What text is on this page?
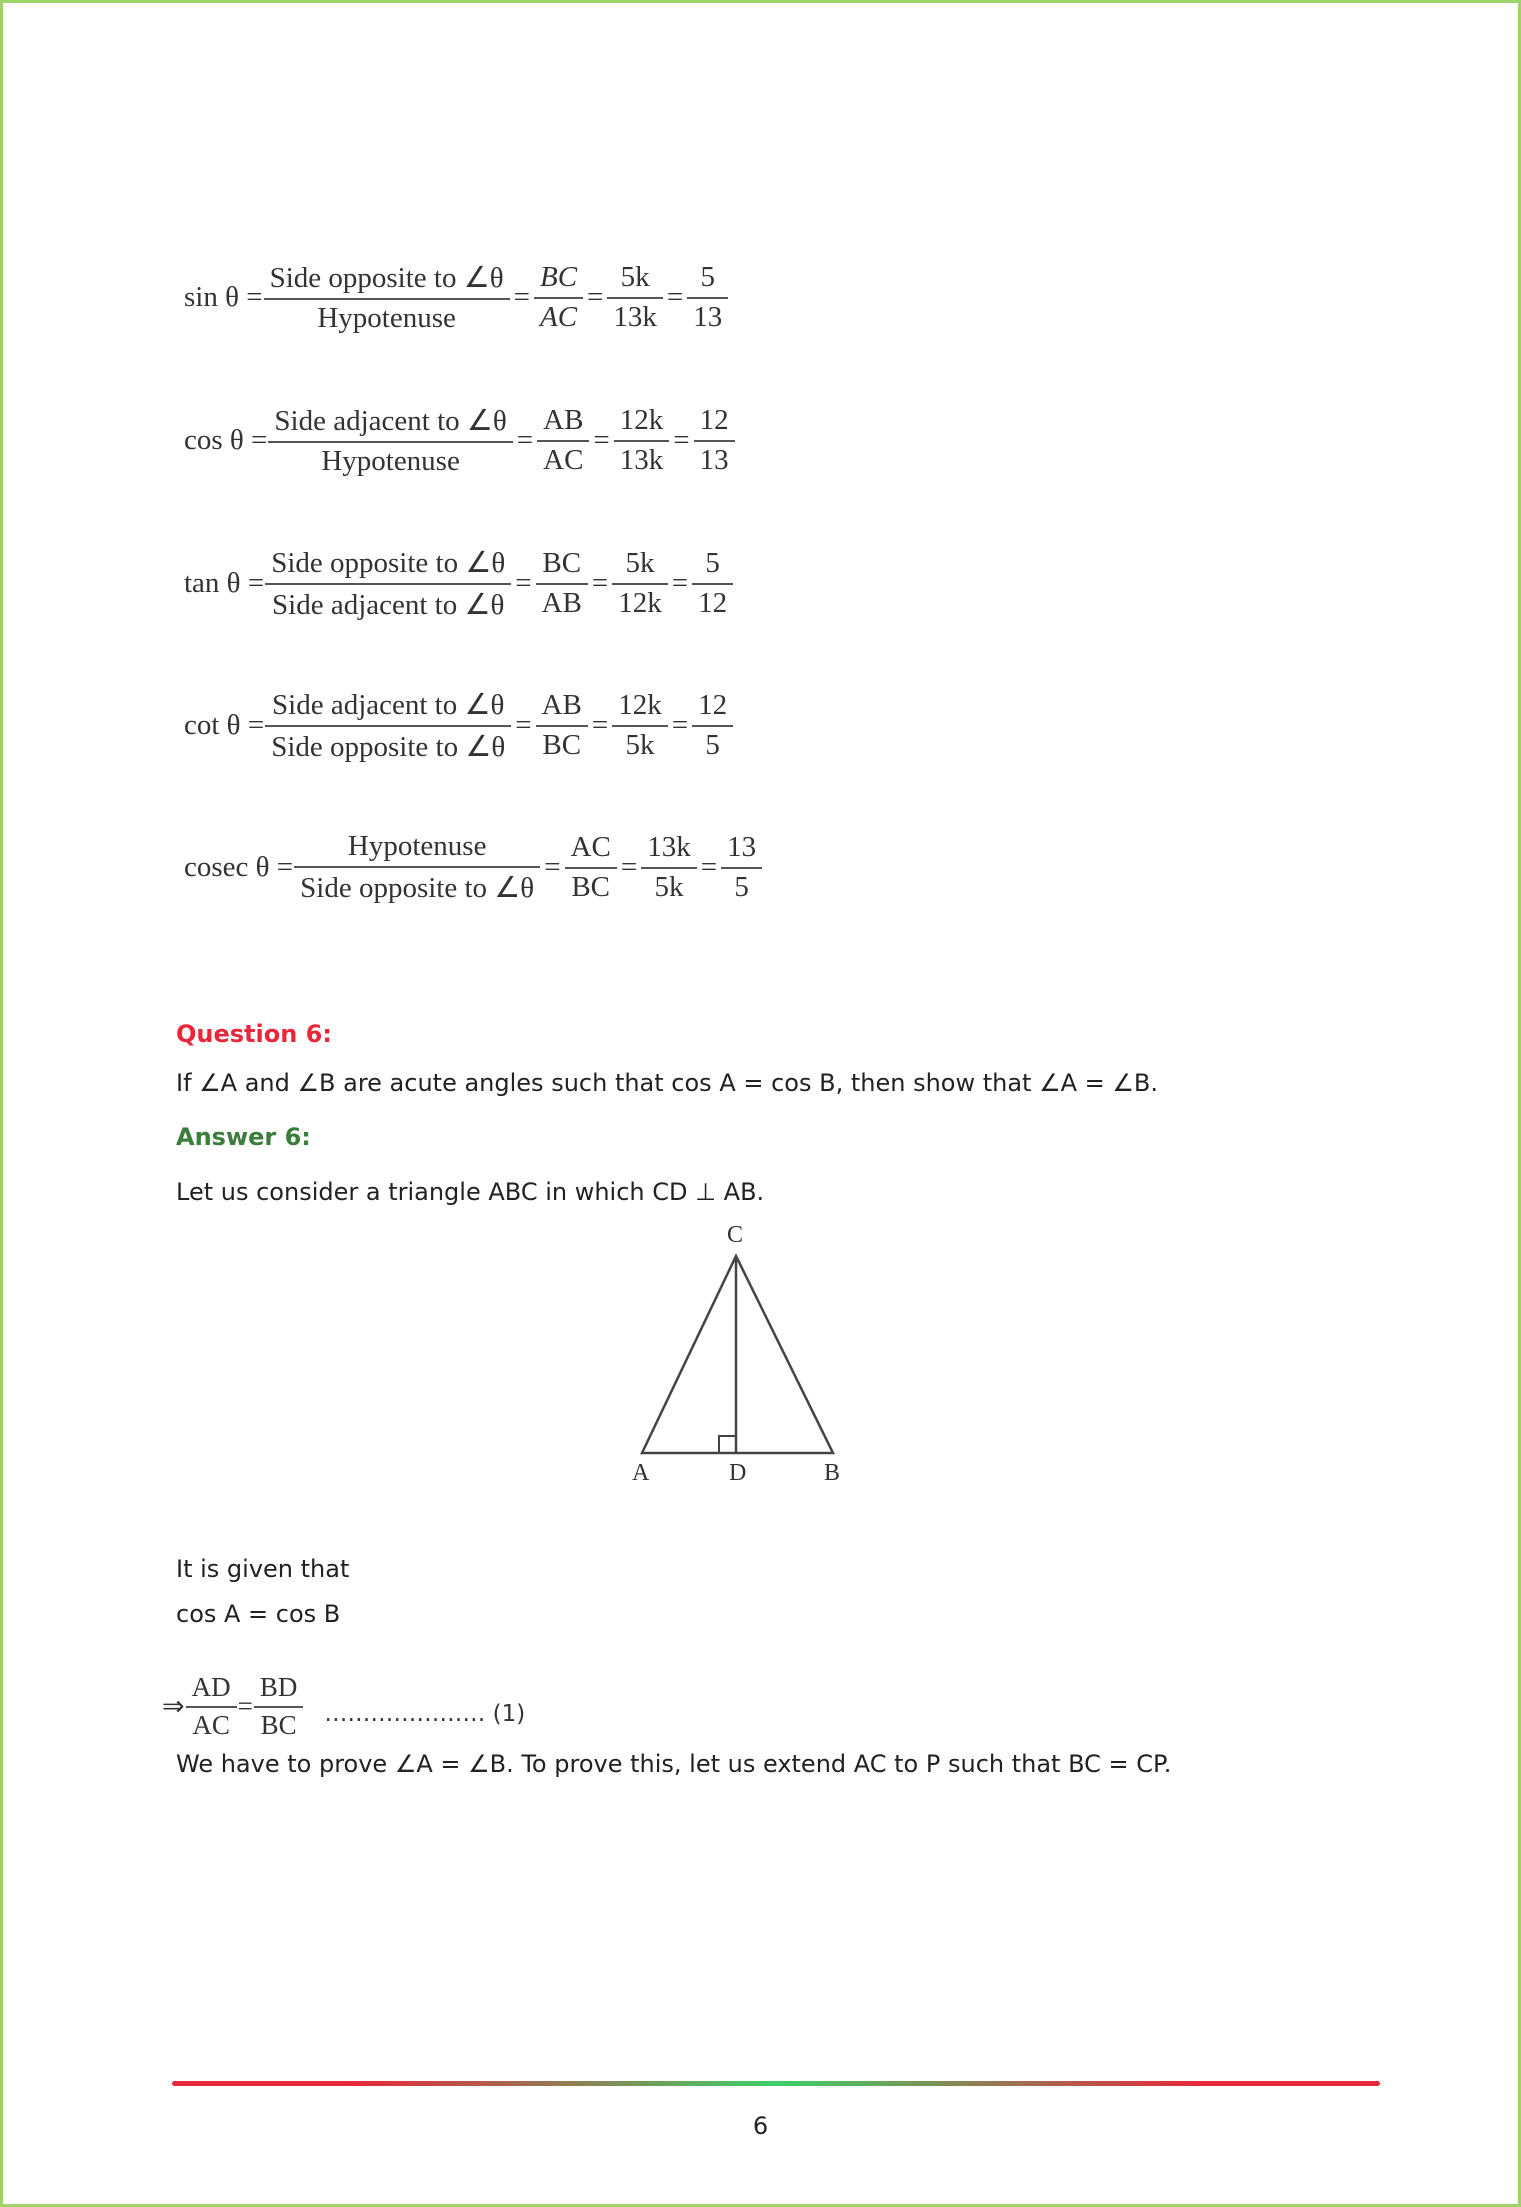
$\sin \theta = \frac{\text{Side opposite to ∠θ}}{\text{Hypotenuse}} = \frac{BC}{AC} = \frac{5k}{13k} = \frac{5}{13}$
$\cos \theta = \frac{\text{Side adjacent to ∠θ}}{\text{Hypotenuse}} = \frac{AB}{AC} = \frac{12k}{13k} = \frac{12}{13}$
$\tan \theta = \frac{\text{Side opposite to ∠θ}}{\text{Side adjacent to ∠θ}} = \frac{BC}{AB} = \frac{5k}{12k} = \frac{5}{12}$
$\cot \theta = \frac{\text{Side adjacent to ∠θ}}{\text{Side opposite to ∠θ}} = \frac{AB}{BC} = \frac{12k}{5k} = \frac{12}{5}$
cosec $\theta = \frac{\text{Hypotenuse}}{\text{Side opposite to ∠θ}} = \frac{AC}{BC} = \frac{13k}{5k} = \frac{13}{5}$
Question 6:
If ∠A and ∠B are acute angles such that cos A = cos B, then show that ∠A = ∠B.
Answer 6:
Let us consider a triangle ABC in which CD ⊥ AB.
C
A	D	B
It is given that
cos A = cos B
⇒ $\frac{AD}{AC} = \frac{BD}{BC}$ ………………… (1)
We have to prove ∠A = ∠B. To prove this, let us extend AC to P such that BC = CP.
6
